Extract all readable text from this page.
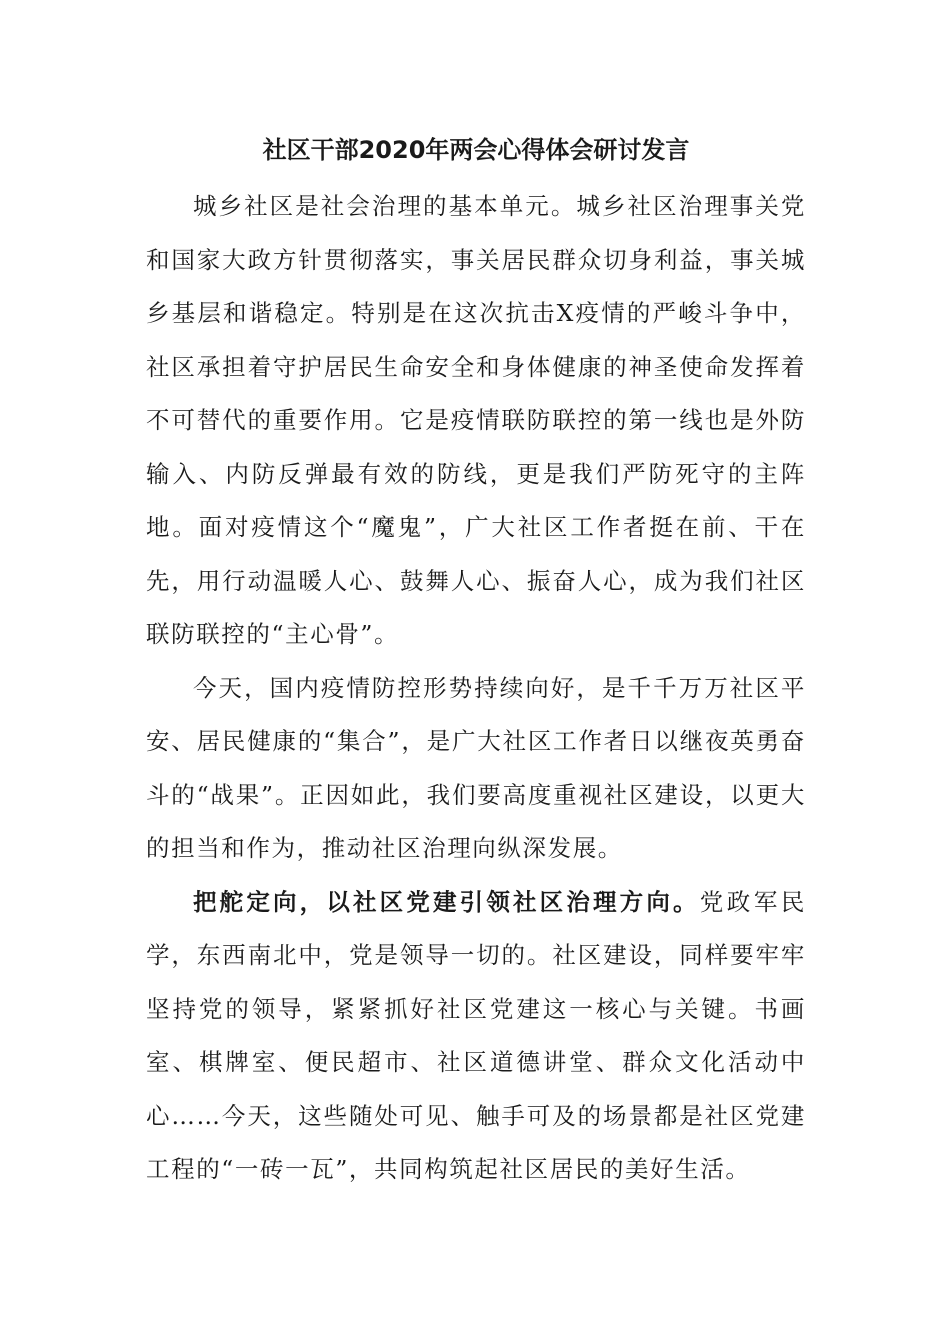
社区干部2020年两会心得体会研讨发言

城乡社区是社会治理的基本单元。城乡社区治理事关党和国家大政方针贯彻落实，事关居民群众切身利益，事关城乡基层和谐稳定。特别是在这次抗击X疫情的严峻斗争中，社区承担着守护居民生命安全和身体健康的神圣使命发挥着不可替代的重要作用。它是疫情联防联控的第一线也是外防输入、内防反弹最有效的防线，更是我们严防死守的主阵地。面对疫情这个“魔鬼”，广大社区工作者挺在前、干在先，用行动温暖人心、鼓舞人心、振奋人心，成为我们社区联防联控的“主心骨”。

今天，国内疫情防控形势持续向好，是千千万万社区平安、居民健康的“集合”，是广大社区工作者日以继夜英勇奋斗的“战果”。正因如此，我们要高度重视社区建设，以更大的担当和作为，推动社区治理向纵深发展。

把舵定向，以社区党建引领社区治理方向。党政军民学，东西南北中，党是领导一切的。社区建设，同样要牢牢坚持党的领导，紧紧抓好社区党建这一核心与关键。书画室、棋牌室、便民超市、社区道德讲堂、群众文化活动中心……今天，这些随处可见、触手可及的场景都是社区党建工程的“一砖一瓦”，共同构筑起社区居民的美好生活。
